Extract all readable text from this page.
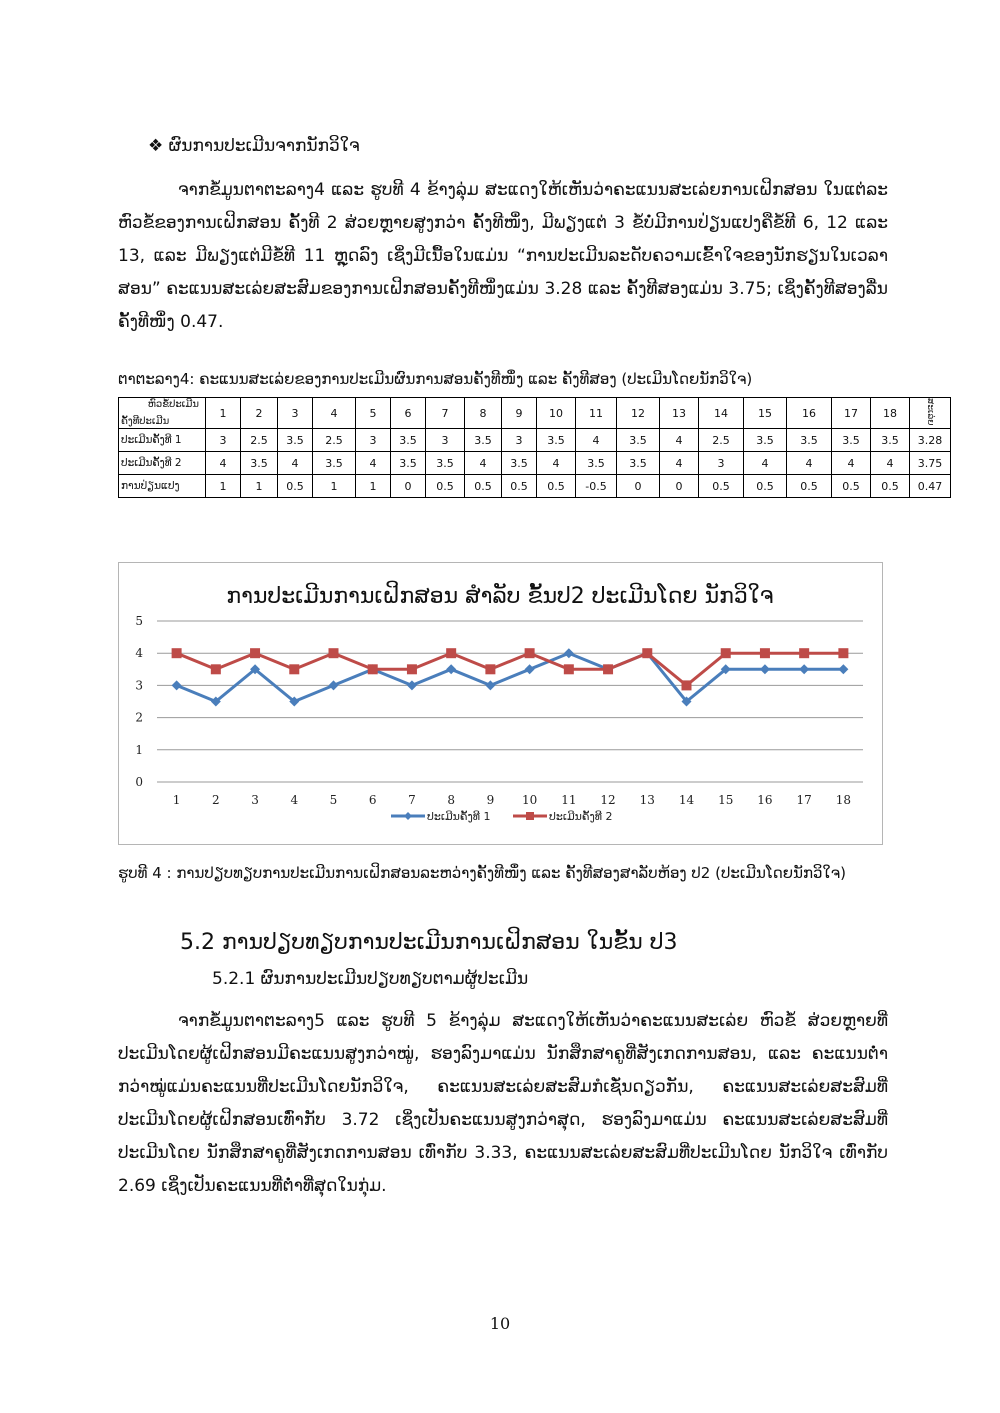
❖ ຜົນການປະເມີນຈາກນັກວິໃຈ

ຈາກຂໍ້ມູນຕາຕະລາງ4 ແລະ ຮູບທີ 4 ຂ້າງລຸ່ມ ສະແດງໃຫ້ເຫັນວ່າຄະແນນສະເລ່ຍການເຝິກສອນ ໃນແຕ່ລະຫົວຂໍ້ຂອງການເຝິກສອນ ຄັ້ງທີ 2 ສ່ວຍຫຼາຍສູງກວ່າ ຄັ້ງທີໜຶ່ງ, ມີພຽງແຕ່ 3 ຂໍ້ບໍ່ມີການປ່ຽນແປງຄືຂໍ້ທີ 6, 12 ແລະ 13, ແລະ ມີພຽງແຕ່ມີຂໍ້ທີ 11 ຫຼຸດລົງ ເຊິ່ງມີເນື້ອໃນແມ່ນ “ການປະເມີນລະດັບຄວາມເຂົ້າໃຈຂອງນັກຮຽນໃນເວລາສອນ” ຄະແນນສະເລ່ຍສະສົມຂອງການເຝິກສອນຄັ້ງທີໜຶ່ງແມ່ນ 3.28 ແລະ ຄັ້ງທີສອງແມ່ນ 3.75; ເຊິ່ງຄັ້ງທີສອງລື່ນຄັ້ງທີໜຶ່ງ 0.47.

ຕາຕະລາງ4: ຄະແນນສະເລ່ຍຂອງການປະເມີນຜົນການສອນຄັ້ງທີໜຶ່ງ ແລະ ຄັ້ງທີສອງ (ປະເມີນໂດຍນັກວິໃຈ)
ຫົວຂໍ້ປະເມີນ
ຄັ້ງທີປະເມີນ	1	2	3	4	5	6	7	8	9	10	11	12	13	14	15	16	17	18	ສະເລ່ຍ
ປະເມີນຄັ້ງທີ 1	3	2.5	3.5	2.5	3	3.5	3	3.5	3	3.5	4	3.5	4	2.5	3.5	3.5	3.5	3.5	3.28
ປະເມີນຄັ້ງທີ 2	4	3.5	4	3.5	4	3.5	3.5	4	3.5	4	3.5	3.5	4	3	4	4	4	4	3.75
ການປ່ຽນແປງ	1	1	0.5	1	1	0	0.5	0.5	0.5	0.5	-0.5	0	0	0.5	0.5	0.5	0.5	0.5	0.47
ການປະເມີນການເຝິກສອນ ສຳລັບ ຂັ້ນປ2 ປະເມີນໂດຍ ນັກວິໃຈ
0
1
2
3
4
5
1	2	3	4	5	6	7	8	9 10 11 12 13 14 15 16 17 18
ປະເມີນຄັ້ງທີ 1	ປະເມີນຄັ້ງທີ 2
ຮູບທີ 4 : ການປຽບທຽບການປະເມີນການເຝິກສອນລະຫວ່າງຄັ້ງທີໜຶ່ງ ແລະ ຄັ້ງທີສອງສາລັບຫ້ອງ ປ2 (ປະເມີນໂດຍນັກວິໃຈ)
5.2 ການປຽບທຽບການປະເມີນການເຝິກສອນ ໃນຂັ້ນ ປ3
5.2.1 ຜົນການປະເມີນປຽບທຽບຕາມຜູ້ປະເມີນ

ຈາກຂໍ້ມູນຕາຕະລາງ5 ແລະ ຮູບທີ 5 ຂ້າງລຸ່ມ ສະແດງໃຫ້ເຫັນວ່າຄະແນນສະເລ່ຍ ຫົວຂໍ້ ສ່ວຍຫຼາຍທີ່ປະເມີນໂດຍຜູ້ເຝິກສອນມີຄະແນນສູງກວ່າໝູ່, ຮອງລົງມາແມ່ນ ນັກສຶກສາຄູທີ່ສັງເກດການສອນ, ແລະ ຄະແນນຕໍ່າກວ່າໝູ່ແມ່ນຄະແນນທີ່ປະເມີນໂດຍນັກວິໃຈ, ຄະແນນສະເລ່ຍສະສົມກໍເຊັ່ນດຽວກັນ, ຄະແນນສະເລ່ຍສະສົມທີ່ປະເມີນໂດຍຜູ້ເຝິກສອນເທົ່າກັບ 3.72 ເຊິ່ງເປັນຄະແນນສູງກວ່າສຸດ, ຮອງລົງມາແມ່ນ ຄະແນນສະເລ່ຍສະສົມທີ່ປະເມີນໂດຍ ນັກສຶກສາຄູທີ່ສັງເກດການສອນ ເທົ່າກັບ 3.33, ຄະແນນສະເລ່ຍສະສົມທີ່ປະເມີນໂດຍ ນັກວິໃຈ ເທົ່າກັບ 2.69 ເຊິ່ງເປັນຄະແນນທີ່ຕໍ່າທີ່ສຸດໃນກຸ່ມ.

10
